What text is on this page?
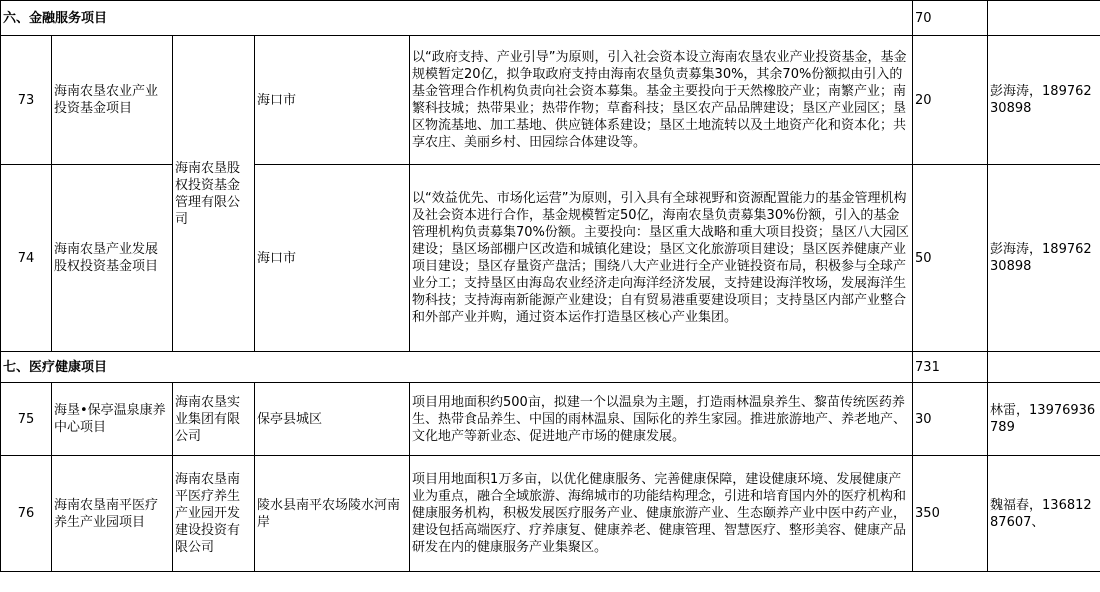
六、金融服务项目					70	
73	海南农垦农业产业投资基金项目	海南农垦股权投资基金管理有限公司	海口市	以“政府支持、产业引导”为原则，引入社会资本设立海南农垦农业产业投资基金，基金规模暂定20亿，拟争取政府支持由海南农垦负责募集30%，其余70%份额拟由引入的基金管理合作机构负责向社会资本募集。基金主要投向于天然橡胶产业；南繁产业；南繁科技城；热带果业；热带作物；草畜科技；垦区农产品品牌建设；垦区产业园区；垦区物流基地、加工基地、供应链体系建设；垦区土地流转以及土地资产化和资本化；共享农庄、美丽乡村、田园综合体建设等。	20	彭海涛，18976230898
74	海南农垦产业发展股权投资基金项目		海口市	以“效益优先、市场化运营”为原则，引入具有全球视野和资源配置能力的基金管理机构及社会资本进行合作，基金规模暂定50亿，海南农垦负责募集30%份额，引入的基金管理机构负责募集70%份额。主要投向：垦区重大战略和重大项目投资；垦区八大园区建设；垦区场部棚户区改造和城镇化建设；垦区文化旅游项目建设；垦区医养健康产业项目建设；垦区存量资产盘活；围绕八大产业进行全产业链投资布局，积极参与全球产业分工；支持垦区由海岛农业经济走向海洋经济发展，支持建设海洋牧场，发展海洋生物科技；支持海南新能源产业建设；自有贸易港重要建设项目；支持垦区内部产业整合和外部产业并购，通过资本运作打造垦区核心产业集团。	50	彭海涛，18976230898
七、医疗健康项目					731	
75	海垦•保亭温泉康养中心项目	海南农垦实业集团有限公司	保亭县城区	项目用地面积约500亩，拟建一个以温泉为主题，打造雨林温泉养生、黎苗传统医药养生、热带食品养生、中国的雨林温泉、国际化的养生家园。推进旅游地产、养老地产、文化地产等新业态、促进地产市场的健康发展。	30	林雷，13976936789
76	海南农垦南平医疗养生产业园项目	海南农垦南平医疗养生产业园开发建设投资有限公司	陵水县南平农场陵水河南岸	项目用地面积1万多亩，以优化健康服务、完善健康保障，建设健康环境、发展健康产业为重点，融合全域旅游、海绵城市的功能结构理念，引进和培育国内外的医疗机构和健康服务机构，积极发展医疗服务产业、健康旅游产业、生态颐养产业中医中药产业，建设包括高端医疗、疗养康复、健康养老、健康管理、智慧医疗、整形美容、健康产品研发在内的健康服务产业集聚区。	350	魏福春，13681287607、
